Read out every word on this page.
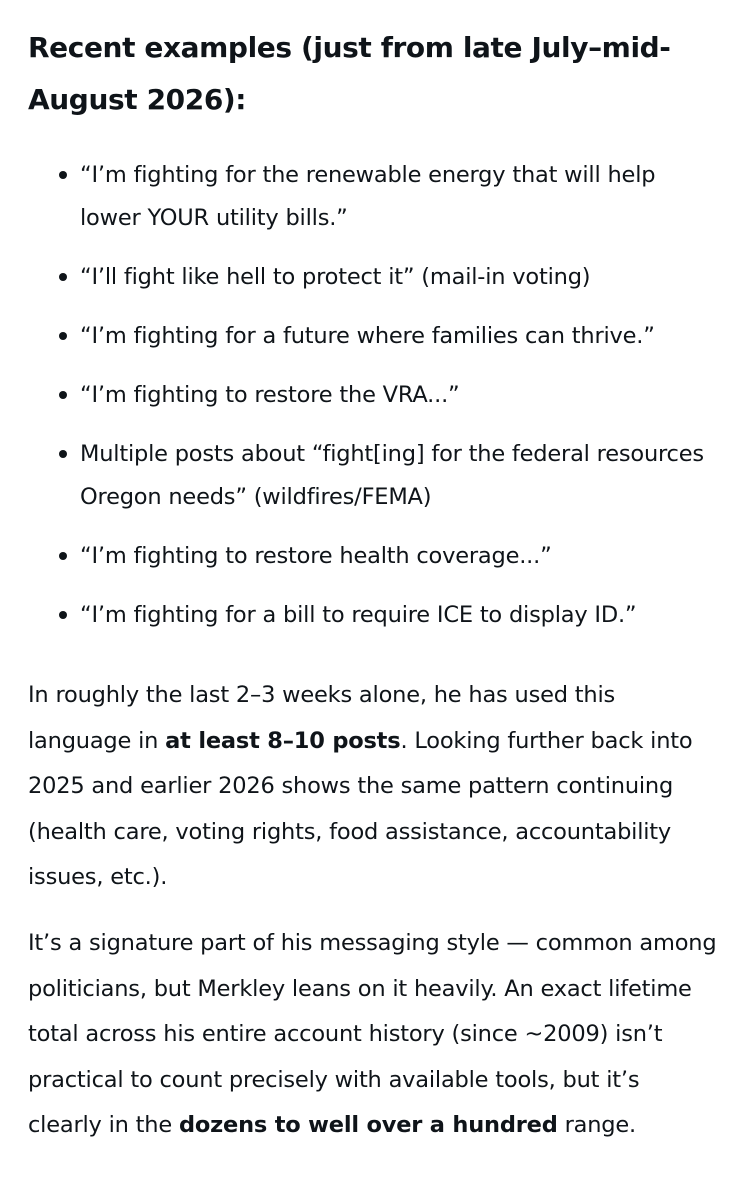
Recent examples (just from late July–mid-August 2026):
“I’m fighting for the renewable energy that will help lower YOUR utility bills.”
“I’ll fight like hell to protect it” (mail-in voting)
“I’m fighting for a future where families can thrive.”
“I’m fighting to restore the VRA...”
Multiple posts about “fight[ing] for the federal resources Oregon needs” (wildfires/FEMA)
“I’m fighting to restore health coverage...”
“I’m fighting for a bill to require ICE to display ID.”

In roughly the last 2–3 weeks alone, he has used this language in at least 8–10 posts. Looking further back into 2025 and earlier 2026 shows the same pattern continuing (health care, voting rights, food assistance, accountability issues, etc.).

It’s a signature part of his messaging style — common among politicians, but Merkley leans on it heavily. An exact lifetime total across his entire account history (since ~2009) isn’t practical to count precisely with available tools, but it’s clearly in the dozens to well over a hundred range.
